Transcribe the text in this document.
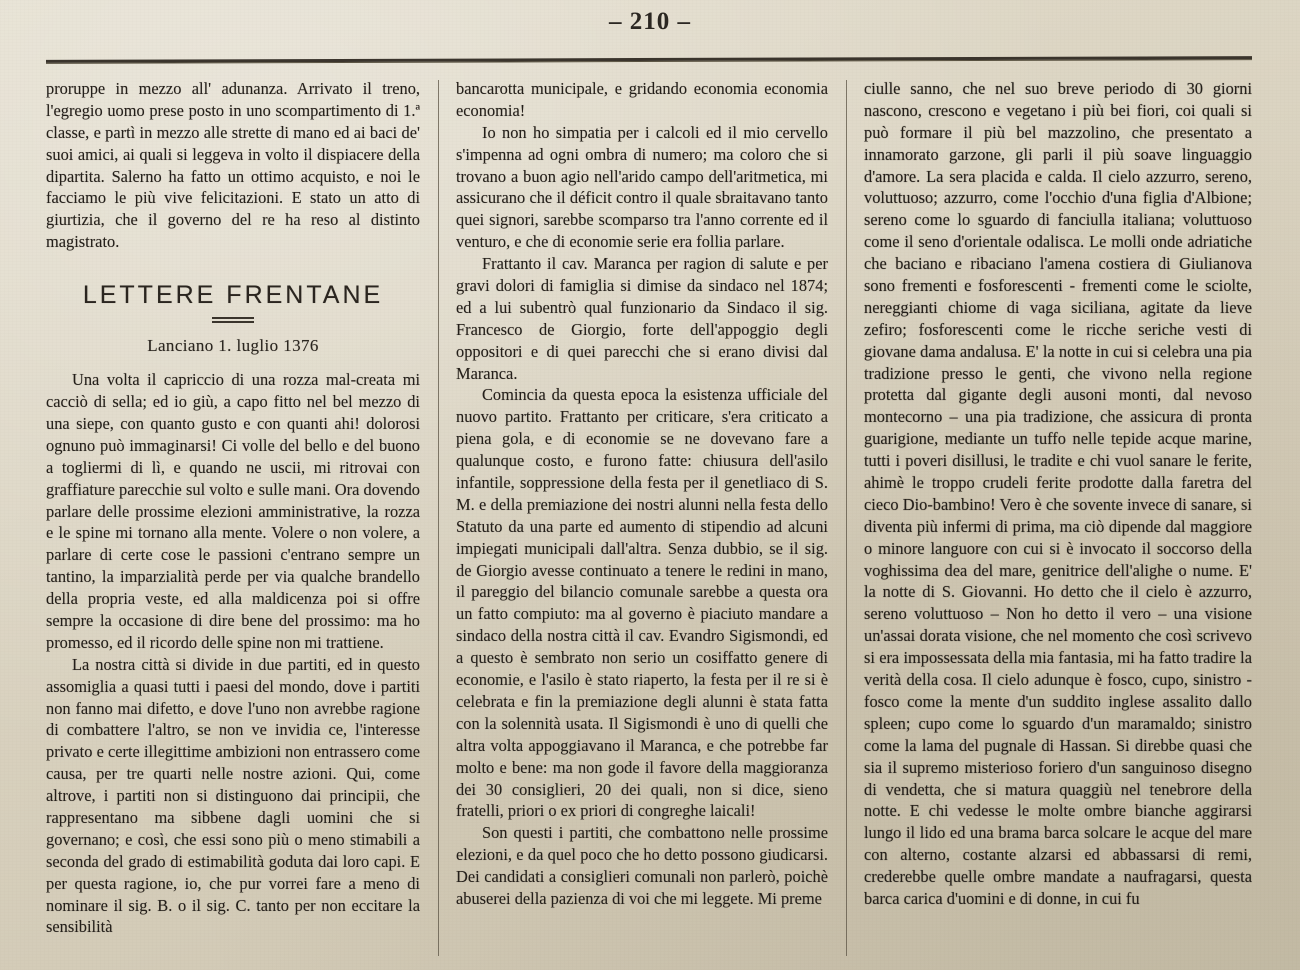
– 210 –

proruppe in mezzo all' adunanza. Arrivato il treno, l'egregio uomo prese posto in uno scompartimento di 1.ª classe, e partì in mezzo alle strette di mano ed ai baci de' suoi amici, ai quali si leggeva in volto il dispiacere della dipartita. Salerno ha fatto un ottimo acquisto, e noi le facciamo le più vive felicitazioni. E stato un atto di giurtizia, che il governo del re ha reso al distinto magistrato.

LETTERE FRENTANE
Lanciano 1. luglio 1376

Una volta il capriccio di una rozza mal-creata mi cacciò di sella; ed io giù, a capo fitto nel bel mezzo di una siepe, con quanto gusto e con quanti ahi! dolorosi ognuno può immaginarsi! Ci volle del bello e del buono a togliermi di lì, e quando ne uscii, mi ritrovai con graffiature parecchie sul volto e sulle mani. Ora dovendo parlare delle prossime elezioni amministrative, la rozza e le spine mi tornano alla mente. Volere o non volere, a parlare di certe cose le passioni c'entrano sempre un tantino, la imparzialità perde per via qualche brandello della propria veste, ed alla maldicenza poi si offre sempre la occasione di dire bene del prossimo: ma ho promesso, ed il ricordo delle spine non mi trattiene.

La nostra città si divide in due partiti, ed in questo assomiglia a quasi tutti i paesi del mondo, dove i partiti non fanno mai difetto, e dove l'uno non avrebbe ragione di combattere l'altro, se non ve invidia ce, l'interesse privato e certe illegittime ambizioni non entrassero come causa, per tre quarti nelle nostre azioni. Qui, come altrove, i partiti non si distinguono dai principii, che rappresentano ma sibbene dagli uomini che si governano; e così, che essi sono più o meno stimabili a seconda del grado di estimabilità goduta dai loro capi. E per questa ragione, io, che pur vorrei fare a meno di nominare il sig. B. o il sig. C. tanto per non eccitare la sensibilità

bancarotta municipale, e gridando economia economia economia!

Io non ho simpatia per i calcoli ed il mio cervello s'impenna ad ogni ombra di numero; ma coloro che si trovano a buon agio nell'arido campo dell'aritmetica, mi assicurano che il déficit contro il quale sbraitavano tanto quei signori, sarebbe scomparso tra l'anno corrente ed il venturo, e che di economie serie era follia parlare.

Frattanto il cav. Maranca per ragion di salute e per gravi dolori di famiglia si dimise da sindaco nel 1874; ed a lui subentrò qual funzionario da Sindaco il sig. Francesco de Giorgio, forte dell'appoggio degli oppositori e di quei parecchi che si erano divisi dal Maranca.

Comincia da questa epoca la esistenza ufficiale del nuovo partito. Frattanto per criticare, s'era criticato a piena gola, e di economie se ne dovevano fare a qualunque costo, e furono fatte: chiusura dell'asilo infantile, soppressione della festa per il genetliaco di S. M. e della premiazione dei nostri alunni nella festa dello Statuto da una parte ed aumento di stipendio ad alcuni impiegati municipali dall'altra. Senza dubbio, se il sig. de Giorgio avesse continuato a tenere le redini in mano, il pareggio del bilancio comunale sarebbe a questa ora un fatto compiuto: ma al governo è piaciuto mandare a sindaco della nostra città il cav. Evandro Sigismondi, ed a questo è sembrato non serio un cosiffatto genere di economie, e l'asilo è stato riaperto, la festa per il re si è celebrata e fin la premiazione degli alunni è stata fatta con la solennità usata. Il Sigismondi è uno di quelli che altra volta appoggiavano il Maranca, e che potrebbe far molto e bene: ma non gode il favore della maggioranza dei 30 consiglieri, 20 dei quali, non si dice, sieno fratelli, priori o ex priori di congreghe laicali!

Son questi i partiti, che combattono nelle prossime elezioni, e da quel poco che ho detto possono giudicarsi. Dei candidati a consiglieri comunali non parlerò, poichè abuserei della pazienza di voi che mi leggete. Mi preme

ciulle sanno, che nel suo breve periodo di 30 giorni nascono, crescono e vegetano i più bei fiori, coi quali si può formare il più bel mazzolino, che presentato a innamorato garzone, gli parli il più soave linguaggio d'amore. La sera placida e calda. Il cielo azzurro, sereno, voluttuoso; azzurro, come l'occhio d'una figlia d'Albione; sereno come lo sguardo di fanciulla italiana; voluttuoso come il seno d'orientale odalisca. Le molli onde adriatiche che baciano e ribaciano l'amena costiera di Giulianova sono frementi e fosforescenti - frementi come le sciolte, nereggianti chiome di vaga siciliana, agitate da lieve zefiro; fosforescenti come le ricche seriche vesti di giovane dama andalusa. E' la notte in cui si celebra una pia tradizione presso le genti, che vivono nella regione protetta dal gigante degli ausoni monti, dal nevoso montecorno – una pia tradizione, che assicura di pronta guarigione, mediante un tuffo nelle tepide acque marine, tutti i poveri disillusi, le tradite e chi vuol sanare le ferite, ahimè le troppo crudeli ferite prodotte dalla faretra del cieco Dio-bambino! Vero è che sovente invece di sanare, si diventa più infermi di prima, ma ciò dipende dal maggiore o minore languore con cui si è invocato il soccorso della voghissima dea del mare, genitrice dell'alighe o nume. E' la notte di S. Giovanni. Ho detto che il cielo è azzurro, sereno voluttuoso – Non ho detto il vero – una visione un'assai dorata visione, che nel momento che così scrivevo si era impossessata della mia fantasia, mi ha fatto tradire la verità della cosa. Il cielo adunque è fosco, cupo, sinistro - fosco come la mente d'un suddito inglese assalito dallo spleen; cupo come lo sguardo d'un maramaldo; sinistro come la lama del pugnale di Hassan. Si direbbe quasi che sia il supremo misterioso foriero d'un sanguinoso disegno di vendetta, che si matura quaggiù nel tenebrore della notte. E chi vedesse le molte ombre bianche aggirarsi lungo il lido ed una brama barca solcare le acque del mare con alterno, costante alzarsi ed abbassarsi di remi, crederebbe quelle ombre mandate a naufragarsi, questa barca carica d'uomini e di donne, in cui fu
